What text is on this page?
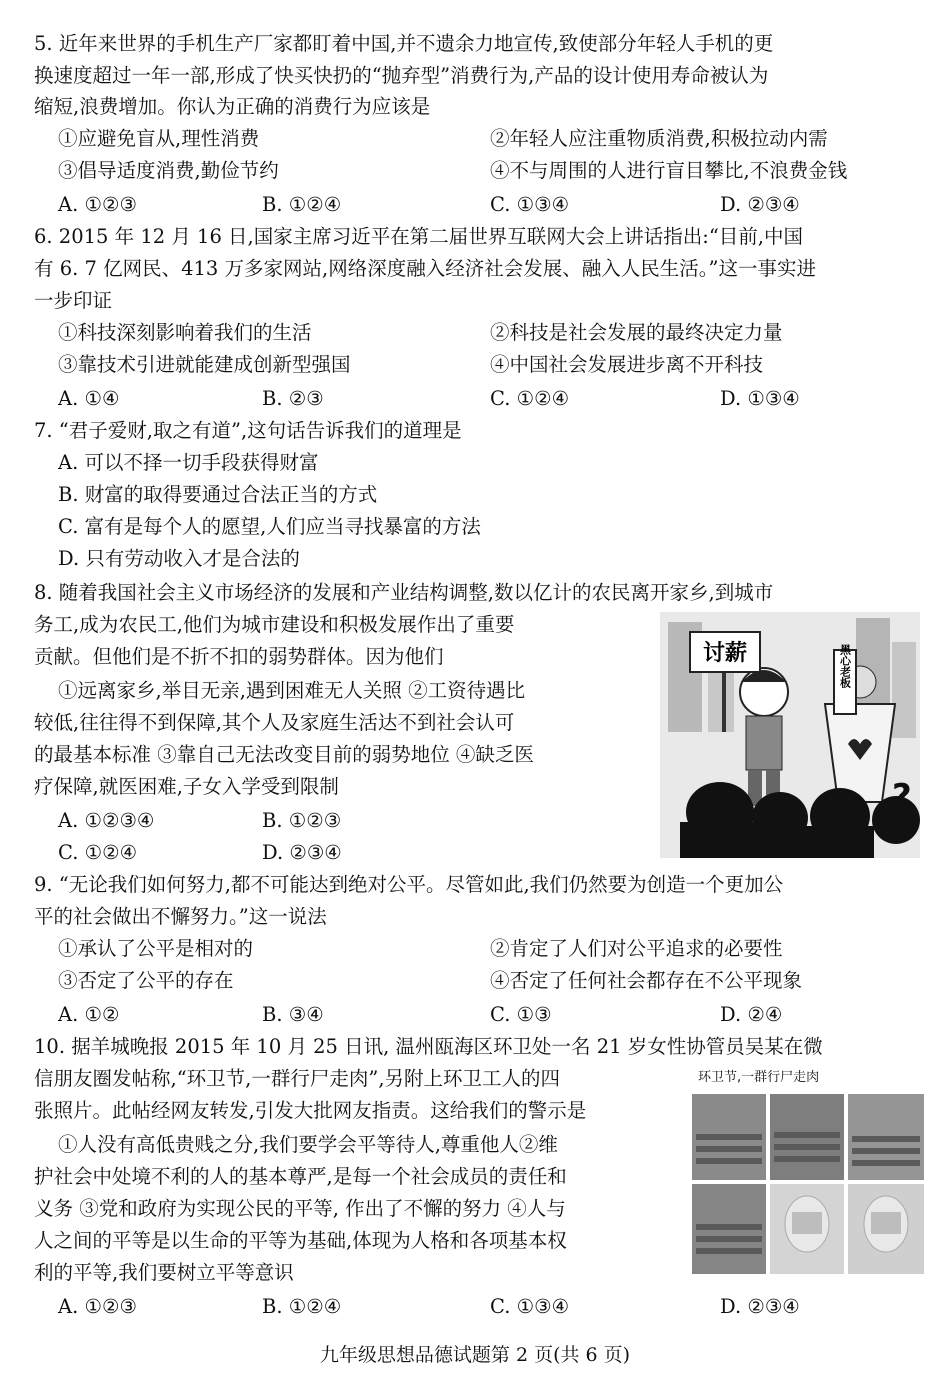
5. 近年来世界的手机生产厂家都盯着中国,并不遗余力地宣传,致使部分年轻人手机的更
换速度超过一年一部,形成了快买快扔的“抛弃型”消费行为,产品的设计使用寿命被认为
缩短,浪费增加。你认为正确的消费行为应该是
①应避免盲从,理性消费	②年轻人应注重物质消费,积极拉动内需
③倡导适度消费,勤俭节约	④不与周围的人进行盲目攀比,不浪费金钱
A. ①②③	B. ①②④	C. ①③④	D. ②③④
6. 2015 年 12 月 16 日,国家主席习近平在第二届世界互联网大会上讲话指出:“目前,中国
有 6. 7 亿网民、413 万多家网站,网络深度融入经济社会发展、融入人民生活。”这一事实进
一步印证
①科技深刻影响着我们的生活	②科技是社会发展的最终决定力量
③靠技术引进就能建成创新型强国	④中国社会发展进步离不开科技
A. ①④	B. ②③	C. ①②④	D. ①③④
7. “君子爱财,取之有道”,这句话告诉我们的道理是
A. 可以不择一切手段获得财富
B. 财富的取得要通过合法正当的方式
C. 富有是每个人的愿望,人们应当寻找暴富的方法
D. 只有劳动收入才是合法的
8. 随着我国社会主义市场经济的发展和产业结构调整,数以亿计的农民离开家乡,到城市
务工,成为农民工,他们为城市建设和积极发展作出了重要
贡献。但他们是不折不扣的弱势群体。因为他们
①远离家乡,举目无亲,遇到困难无人关照 ②工资待遇比
较低,往往得不到保障,其个人及家庭生活达不到社会认可
的最基本标准 ③靠自己无法改变目前的弱势地位 ④缺乏医
疗保障,就医困难,子女入学受到限制
A. ①②③④	B. ①②③
C. ①②④	D. ②③④
讨薪	黑心老板
?
9. “无论我们如何努力,都不可能达到绝对公平。尽管如此,我们仍然要为创造一个更加公
平的社会做出不懈努力。”这一说法
①承认了公平是相对的	②肯定了人们对公平追求的必要性
③否定了公平的存在	④否定了任何社会都存在不公平现象
A. ①②	B. ③④	C. ①③	D. ②④
10. 据羊城晚报 2015 年 10 月 25 日讯, 温州瓯海区环卫处一名 21 岁女性协管员吴某在微
信朋友圈发帖称,“环卫节,一群行尸走肉”,另附上环卫工人的四
张照片。此帖经网友转发,引发大批网友指责。这给我们的警示是
①人没有高低贵贱之分,我们要学会平等待人,尊重他人②维
护社会中处境不利的人的基本尊严,是每一个社会成员的责任和
义务 ③党和政府为实现公民的平等, 作出了不懈的努力 ④人与
人之间的平等是以生命的平等为基础,体现为人格和各项基本权
利的平等,我们要树立平等意识
A. ①②③	B. ①②④	C. ①③④	D. ②③④
环卫节,一群行尸走肉
九年级思想品德试题第 2 页(共 6 页)
